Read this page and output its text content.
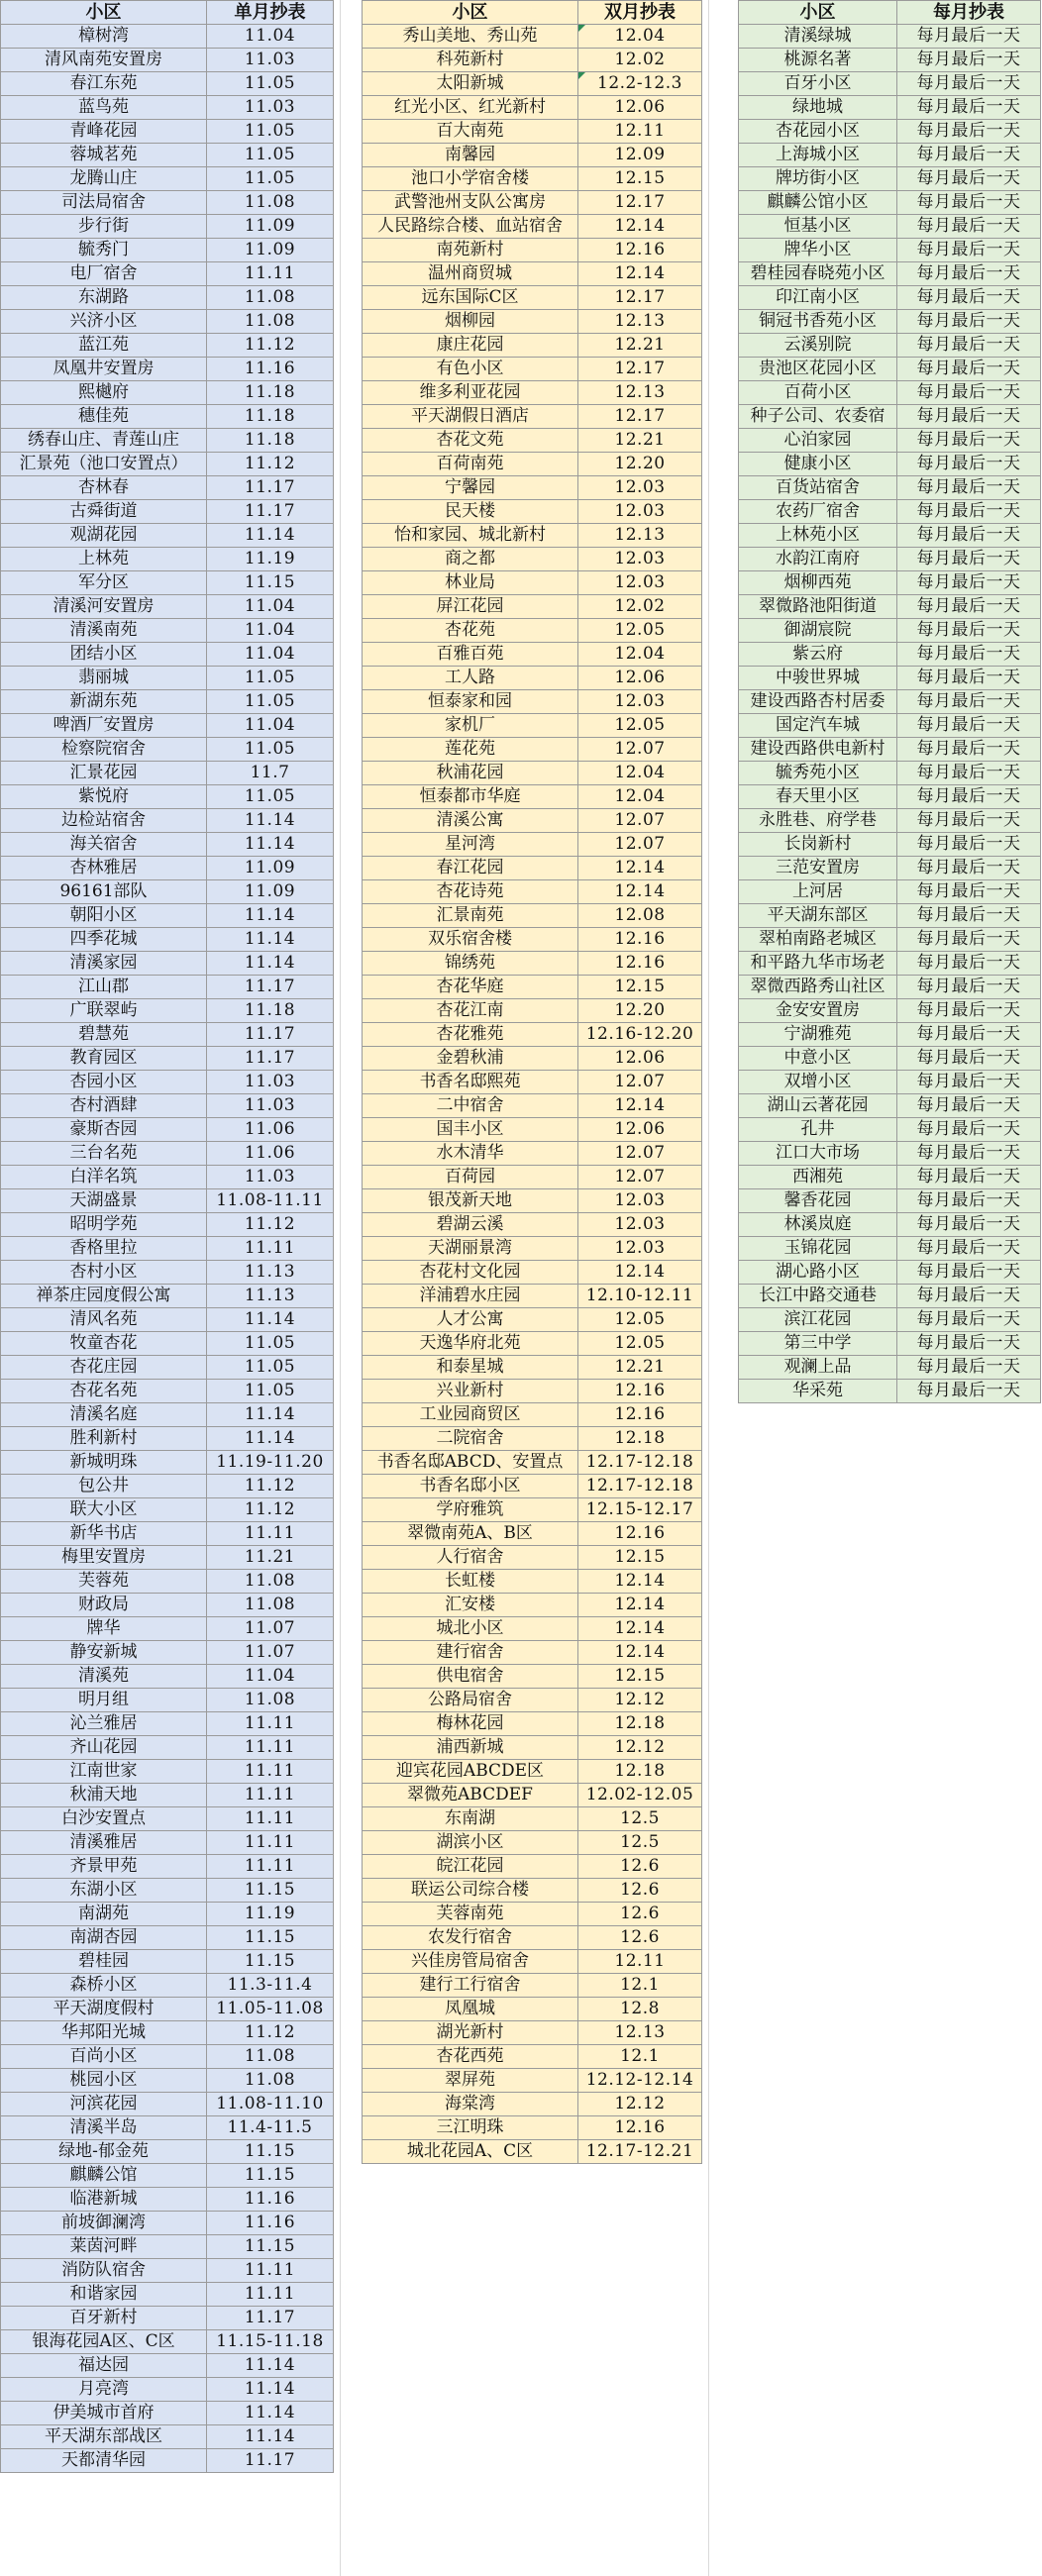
小区	单月抄表
樟树湾	11.04
清风南苑安置房	11.03
春江东苑	11.05
蓝鸟苑	11.03
青峰花园	11.05
蓉城茗苑	11.05
龙腾山庄	11.05
司法局宿舍	11.08
步行街	11.09
毓秀门	11.09
电厂宿舍	11.11
东湖路	11.08
兴济小区	11.08
蓝江苑	11.12
凤凰井安置房	11.16
熙樾府	11.18
穗佳苑	11.18
绣春山庄、青莲山庄	11.18
汇景苑（池口安置点）	11.12
杏林春	11.17
古舜街道	11.17
观湖花园	11.14
上林苑	11.19
军分区	11.15
清溪河安置房	11.04
清溪南苑	11.04
团结小区	11.04
翡丽城	11.05
新湖东苑	11.05
啤酒厂安置房	11.04
检察院宿舍	11.05
汇景花园	11.7
紫悦府	11.05
边检站宿舍	11.14
海关宿舍	11.14
杏林雅居	11.09
96161部队	11.09
朝阳小区	11.14
四季花城	11.14
清溪家园	11.14
江山郡	11.17
广联翠屿	11.18
碧慧苑	11.17
教育园区	11.17
杏园小区	11.03
杏村酒肆	11.03
豪斯杏园	11.06
三台名苑	11.06
白洋名筑	11.03
天湖盛景	11.08-11.11
昭明学苑	11.12
香格里拉	11.11
杏村小区	11.13
禅茶庄园度假公寓	11.13
清风名苑	11.14
牧童杏花	11.05
杏花庄园	11.05
杏花名苑	11.05
清溪名庭	11.14
胜利新村	11.14
新城明珠	11.19-11.20
包公井	11.12
联大小区	11.12
新华书店	11.11
梅里安置房	11.21
芙蓉苑	11.08
财政局	11.08
牌华	11.07
静安新城	11.07
清溪苑	11.04
明月组	11.08
沁兰雅居	11.11
齐山花园	11.11
江南世家	11.11
秋浦天地	11.11
白沙安置点	11.11
清溪雅居	11.11
齐景甲苑	11.11
东湖小区	11.15
南湖苑	11.19
南湖杏园	11.15
碧桂园	11.15
森桥小区	11.3-11.4
平天湖度假村	11.05-11.08
华邦阳光城	11.12
百尚小区	11.08
桃园小区	11.08
河滨花园	11.08-11.10
清溪半岛	11.4-11.5
绿地-郁金苑	11.15
麒麟公馆	11.15
临港新城	11.16
前坡御澜湾	11.16
莱茵河畔	11.15
消防队宿舍	11.11
和谐家园	11.11
百牙新村	11.17
银海花园A区、C区	11.15-11.18
福达园	11.14
月亮湾	11.14
伊美城市首府	11.14
平天湖东部战区	11.14
天都清华园	11.17
小区	双月抄表
秀山美地、秀山苑	12.04
科苑新村	12.02
太阳新城	12.2-12.3
红光小区、红光新村	12.06
百大南苑	12.11
南馨园	12.09
池口小学宿舍楼	12.15
武警池州支队公寓房	12.17
人民路综合楼、血站宿舍	12.14
南苑新村	12.16
温州商贸城	12.14
远东国际C区	12.17
烟柳园	12.13
康庄花园	12.21
有色小区	12.17
维多利亚花园	12.13
平天湖假日酒店	12.17
杏花文苑	12.21
百荷南苑	12.20
宁馨园	12.03
民天楼	12.03
怡和家园、城北新村	12.13
商之都	12.03
林业局	12.03
屏江花园	12.02
杏花苑	12.05
百雅百苑	12.04
工人路	12.06
恒泰家和园	12.03
家机厂	12.05
莲花苑	12.07
秋浦花园	12.04
恒泰都市华庭	12.04
清溪公寓	12.07
星河湾	12.07
春江花园	12.14
杏花诗苑	12.14
汇景南苑	12.08
双乐宿舍楼	12.16
锦绣苑	12.16
杏花华庭	12.15
杏花江南	12.20
杏花雅苑	12.16-12.20
金碧秋浦	12.06
书香名邸熙苑	12.07
二中宿舍	12.14
国丰小区	12.06
水木清华	12.07
百荷园	12.07
银茂新天地	12.03
碧湖云溪	12.03
天湖丽景湾	12.03
杏花村文化园	12.14
洋浦碧水庄园	12.10-12.11
人才公寓	12.05
天逸华府北苑	12.05
和泰星城	12.21
兴业新村	12.16
工业园商贸区	12.16
二院宿舍	12.18
书香名邸ABCD、安置点	12.17-12.18
书香名邸小区	12.17-12.18
学府雅筑	12.15-12.17
翠微南苑A、B区	12.16
人行宿舍	12.15
长虹楼	12.14
汇安楼	12.14
城北小区	12.14
建行宿舍	12.14
供电宿舍	12.15
公路局宿舍	12.12
梅林花园	12.18
浦西新城	12.12
迎宾花园ABCDE区	12.18
翠微苑ABCDEF	12.02-12.05
东南湖	12.5
湖滨小区	12.5
皖江花园	12.6
联运公司综合楼	12.6
芙蓉南苑	12.6
农发行宿舍	12.6
兴佳房管局宿舍	12.11
建行工行宿舍	12.1
凤凰城	12.8
湖光新村	12.13
杏花西苑	12.1
翠屏苑	12.12-12.14
海棠湾	12.12
三江明珠	12.16
城北花园A、C区	12.17-12.21
小区	每月抄表
清溪绿城	每月最后一天
桃源名著	每月最后一天
百牙小区	每月最后一天
绿地城	每月最后一天
杏花园小区	每月最后一天
上海城小区	每月最后一天
牌坊街小区	每月最后一天
麒麟公馆小区	每月最后一天
恒基小区	每月最后一天
牌华小区	每月最后一天
碧桂园春晓苑小区	每月最后一天
印江南小区	每月最后一天
铜冠书香苑小区	每月最后一天
云溪别院	每月最后一天
贵池区花园小区	每月最后一天
百荷小区	每月最后一天
种子公司、农委宿	每月最后一天
心泊家园	每月最后一天
健康小区	每月最后一天
百货站宿舍	每月最后一天
农药厂宿舍	每月最后一天
上林苑小区	每月最后一天
水韵江南府	每月最后一天
烟柳西苑	每月最后一天
翠微路池阳街道	每月最后一天
御湖宸院	每月最后一天
紫云府	每月最后一天
中骏世界城	每月最后一天
建设西路杏村居委	每月最后一天
国定汽车城	每月最后一天
建设西路供电新村	每月最后一天
毓秀苑小区	每月最后一天
春天里小区	每月最后一天
永胜巷、府学巷	每月最后一天
长岗新村	每月最后一天
三范安置房	每月最后一天
上河居	每月最后一天
平天湖东部区	每月最后一天
翠柏南路老城区	每月最后一天
和平路九华市场老	每月最后一天
翠微西路秀山社区	每月最后一天
金安安置房	每月最后一天
宁湖雅苑	每月最后一天
中意小区	每月最后一天
双增小区	每月最后一天
湖山云著花园	每月最后一天
孔井	每月最后一天
江口大市场	每月最后一天
西湘苑	每月最后一天
馨香花园	每月最后一天
林溪岚庭	每月最后一天
玉锦花园	每月最后一天
湖心路小区	每月最后一天
长江中路交通巷	每月最后一天
滨江花园	每月最后一天
第三中学	每月最后一天
观澜上品	每月最后一天
华采苑	每月最后一天
